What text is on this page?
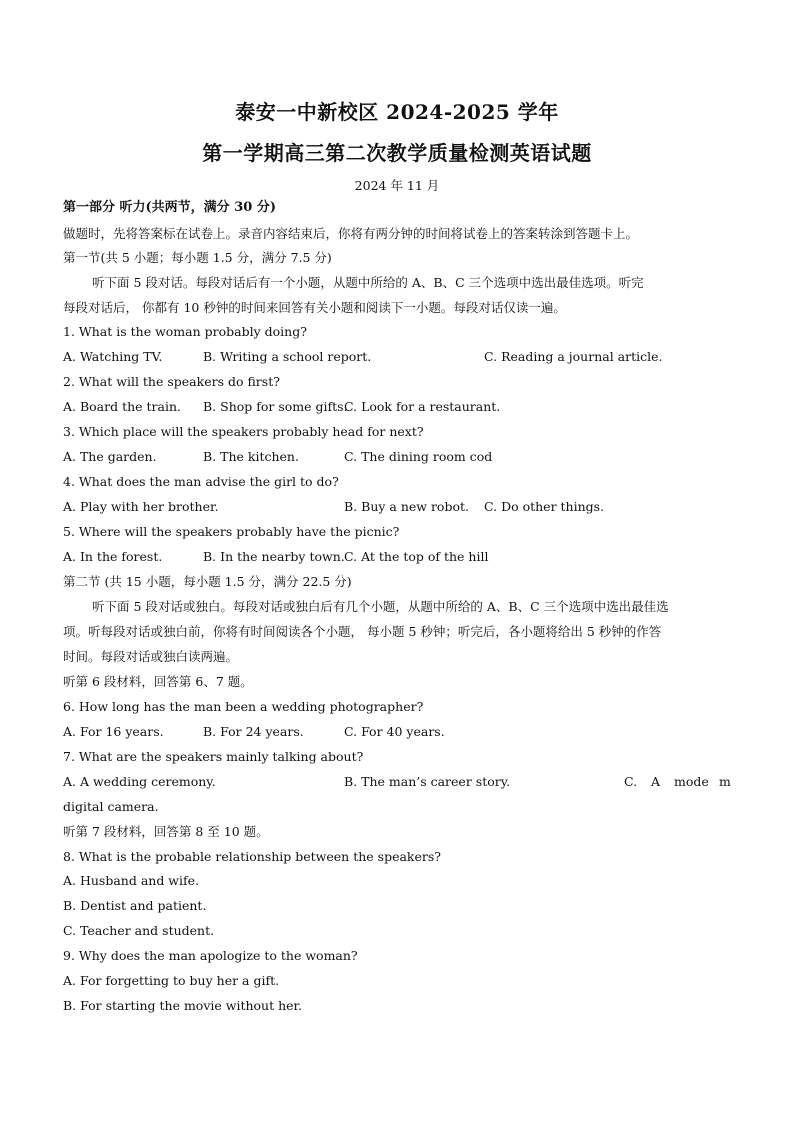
泰安一中新校区 2024-2025 学年
第一学期高三第二次教学质量检测英语试题
2024 年 11 月
第一部分 听力(共两节，满分 30 分)
做题时，先将答案标在试卷上。录音内容结束后，你将有两分钟的时间将试卷上的答案转涂到答题卡上。
第一节(共 5 小题；每小题 1.5 分，满分 7.5 分)
听下面 5 段对话。每段对话后有一个小题，从题中所给的 A、B、C 三个选项中选出最佳选项。听完
每段对话后， 你都有 10 秒钟的时间来回答有关小题和阅读下一小题。每段对话仅读一遍。
1. What is the woman probably doing?
A. Watching TV.	B. Writing a school report.	C. Reading a journal article.
2. What will the speakers do first?
A. Board the train. B. Shop for some gifts.
C. Look for a restaurant.
3. Which place will the speakers probably head for next?
A. The garden.	B. The kitchen.	C. The dining room cod
4. What does the man advise the girl to do?
A. Play with her brother.	B. Buy a new robot. C. Do other things.
5. Where will the speakers probably have the picnic?
A. In the forest.	B. In the nearby town. C. At the top of the hill
第二节 (共 15 小题，每小题 1.5 分，满分 22.5 分)
听下面 5 段对话或独白。每段对话或独白后有几个小题，从题中所给的 A、B、C 三个选项中选出最佳选
项。听每段对话或独白前，你将有时间阅读各个小题， 每小题 5 秒钟；听完后，各小题将给出 5 秒钟的作答
时间。每段对话或独白读两遍。
听第 6 段材料，回答第 6、7 题。
6. How long has the man been a wedding photographer?
A. For 16 years.	B. For 24 years.	C. For 40 years.
7. What are the speakers mainly talking about?
A. A wedding ceremony.	B. The man’s career story.	C. A mode m
digital camera.
听第 7 段材料，回答第 8 至 10 题。
8. What is the probable relationship between the speakers?
A. Husband and wife.
B. Dentist and patient.
C. Teacher and student.
9. Why does the man apologize to the woman?
A. For forgetting to buy her a gift.
B. For starting the movie without her.
